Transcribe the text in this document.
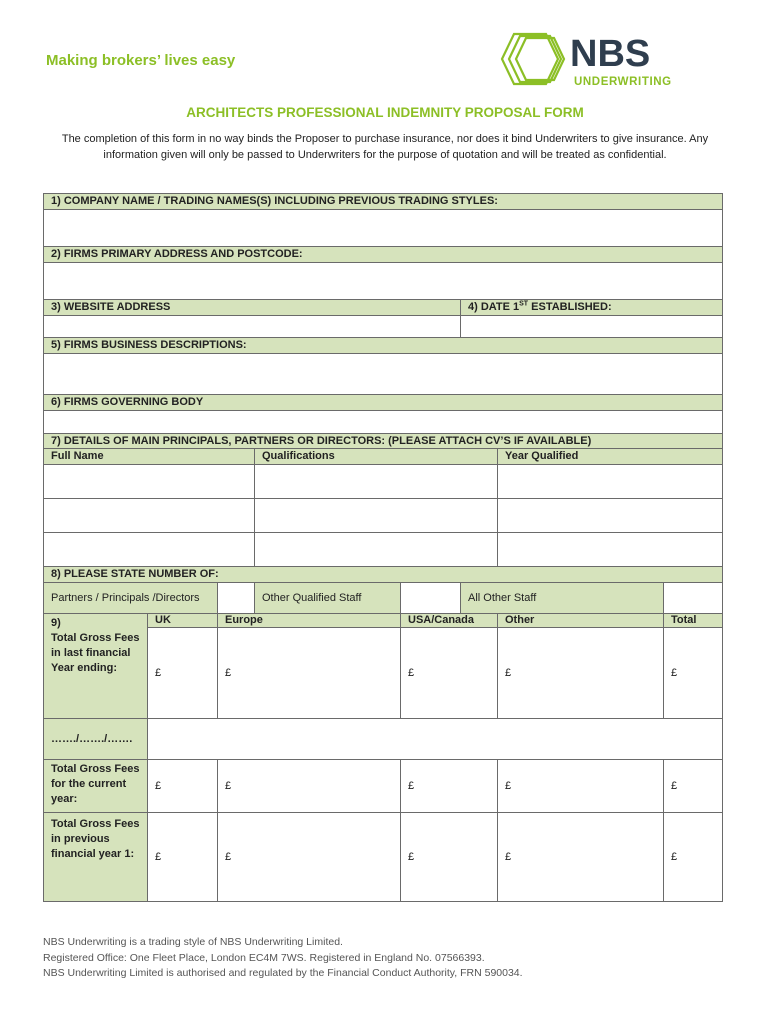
Making brokers’ lives easy	NBS
UNDERWRITING
ARCHITECTS PROFESSIONAL INDEMNITY PROPOSAL FORM
The completion of this form in no way binds the Proposer to purchase insurance, nor does it bind Underwriters to give insurance. Any information given will only be passed to Underwriters for the purpose of quotation and will be treated as confidential.
1) COMPANY NAME / TRADING NAMES(S) INCLUDING PREVIOUS TRADING STYLES:							

2) FIRMS PRIMARY ADDRESS AND POSTCODE:							

3) WEBSITE ADDRESS					4) DATE 1ST ESTABLISHED:		

5) FIRMS BUSINESS DESCRIPTIONS:							

6) FIRMS GOVERNING BODY							

7) DETAILS OF MAIN PRINCIPALS, PARTNERS OR DIRECTORS: (PLEASE ATTACH CV’S IF AVAILABLE)							
Full Name			Qualifications			Year Qualified	

8) PLEASE STATE NUMBER OF:							
Partners / Principals /Directors			Other Qualified Staff		All Other Staff		

9)
Total Gross Fees in last financial Year ending:	UK	Europe		USA/Canada		Other	Total
	£	£		£		£	£
……./……./…….							
Total Gross Fees for the current year:	£	£		£		£	£
Total Gross Fees in previous financial year 1:	£	£		£		£	£
NBS Underwriting is a trading style of NBS Underwriting Limited.
Registered Office: One Fleet Place, London EC4M 7WS. Registered in England No. 07566393.
NBS Underwriting Limited is authorised and regulated by the Financial Conduct Authority, FRN 590034.
